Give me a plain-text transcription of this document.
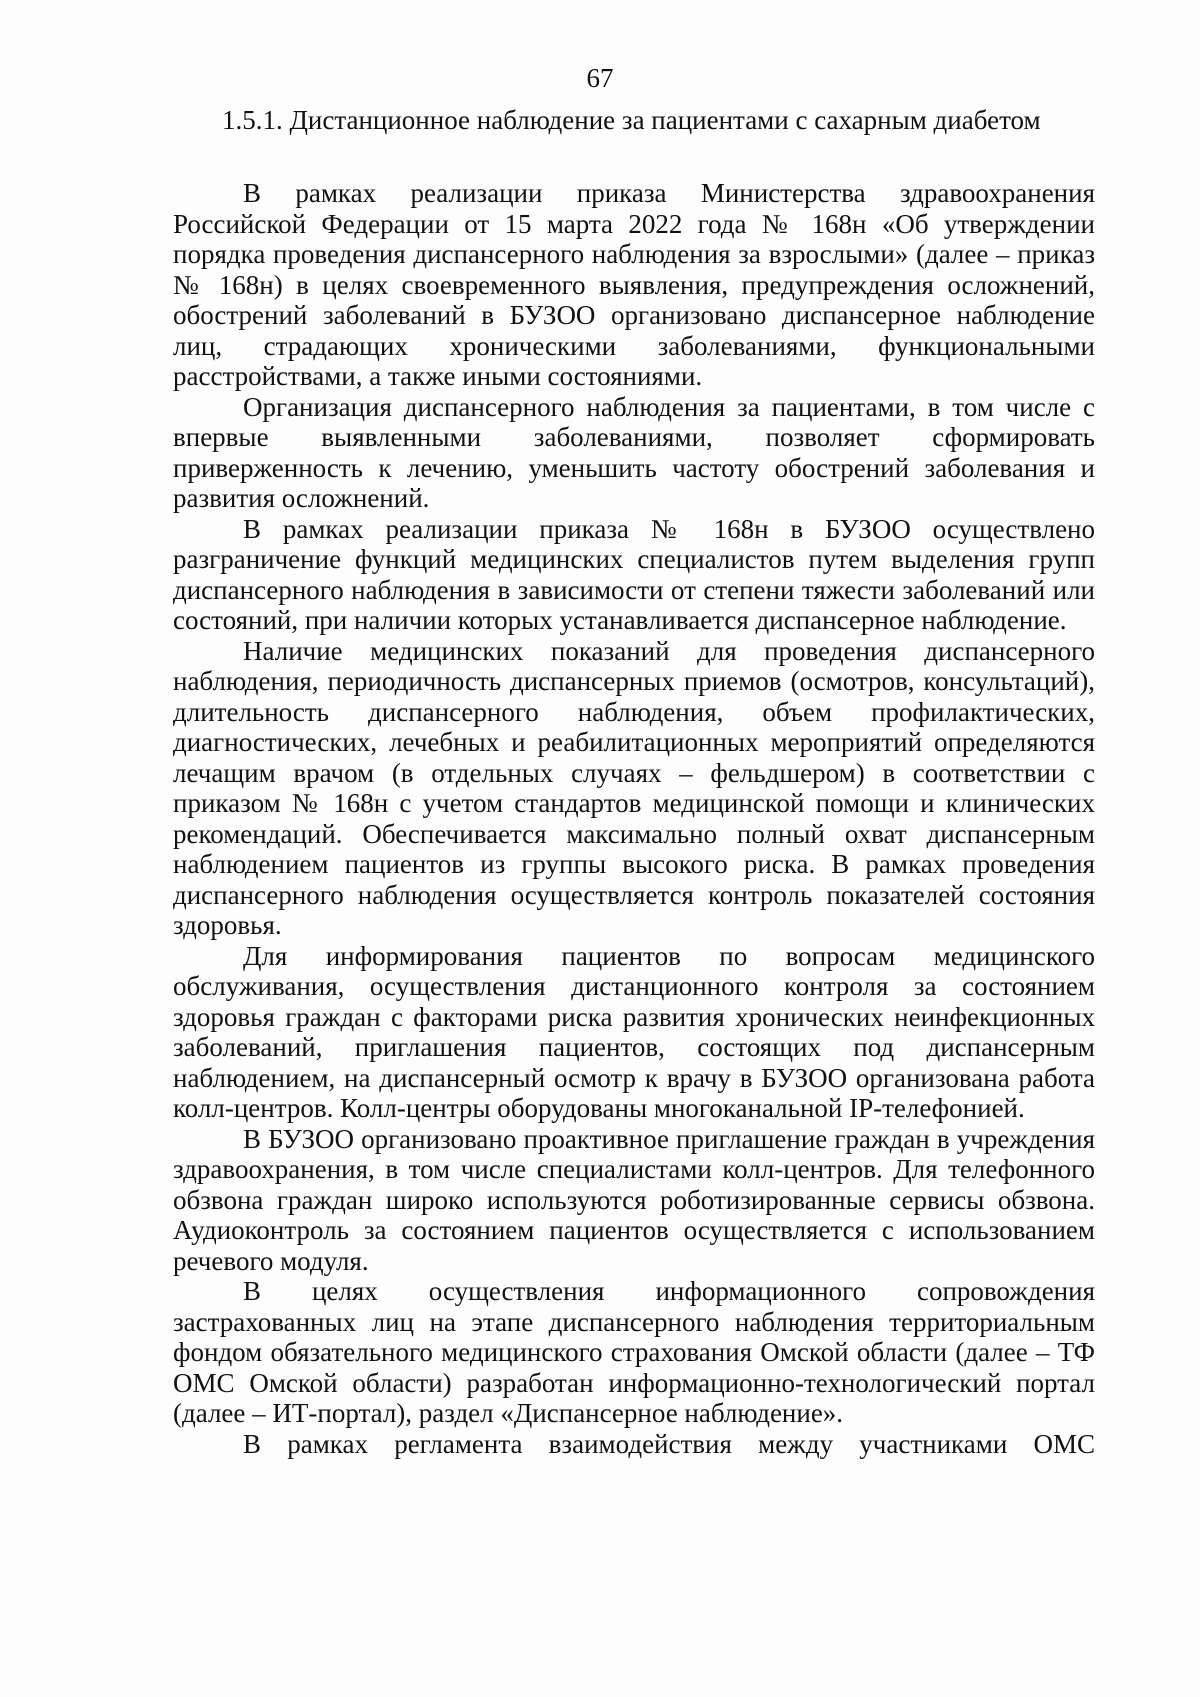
67
1.5.1. Дистанционное наблюдение за пациентами с сахарным диабетом

В рамках реализации приказа Министерства здравоохранения Российской Федерации от 15 марта 2022 года № 168н «Об утверждении порядка проведения диспансерного наблюдения за взрослыми» (далее – приказ № 168н) в целях своевременного выявления, предупреждения осложнений, обострений заболеваний в БУЗОО организовано диспансерное наблюдение лиц, страдающих хроническими заболеваниями, функциональными расстройствами, а также иными состояниями.

Организация диспансерного наблюдения за пациентами, в том числе с впервые выявленными заболеваниями, позволяет сформировать приверженность к лечению, уменьшить частоту обострений заболевания и развития осложнений.

В рамках реализации приказа № 168н в БУЗОО осуществлено разграничение функций медицинских специалистов путем выделения групп диспансерного наблюдения в зависимости от степени тяжести заболеваний или состояний, при наличии которых устанавливается диспансерное наблюдение.

Наличие медицинских показаний для проведения диспансерного наблюдения, периодичность диспансерных приемов (осмотров, консультаций), длительность диспансерного наблюдения, объем профилактических, диагностических, лечебных и реабилитационных мероприятий определяются лечащим врачом (в отдельных случаях – фельдшером) в соответствии с приказом № 168н с учетом стандартов медицинской помощи и клинических рекомендаций. Обеспечивается максимально полный охват диспансерным наблюдением пациентов из группы высокого риска. В рамках проведения диспансерного наблюдения осуществляется контроль показателей состояния здоровья.

Для информирования пациентов по вопросам медицинского обслуживания, осуществления дистанционного контроля за состоянием здоровья граждан с факторами риска развития хронических неинфекционных заболеваний, приглашения пациентов, состоящих под диспансерным наблюдением, на диспансерный осмотр к врачу в БУЗОО организована работа колл-центров. Колл-центры оборудованы многоканальной IP-телефонией.

В БУЗОО организовано проактивное приглашение граждан в учреждения здравоохранения, в том числе специалистами колл-центров. Для телефонного обзвона граждан широко используются роботизированные сервисы обзвона. Аудиоконтроль за состоянием пациентов осуществляется с использованием речевого модуля.

В целях осуществления информационного сопровождения застрахованных лиц на этапе диспансерного наблюдения территориальным фондом обязательного медицинского страхования Омской области (далее – ТФ ОМС Омской области) разработан информационно-технологический портал (далее – ИТ-портал), раздел «Диспансерное наблюдение».

В рамках регламента взаимодействия между участниками ОМС
